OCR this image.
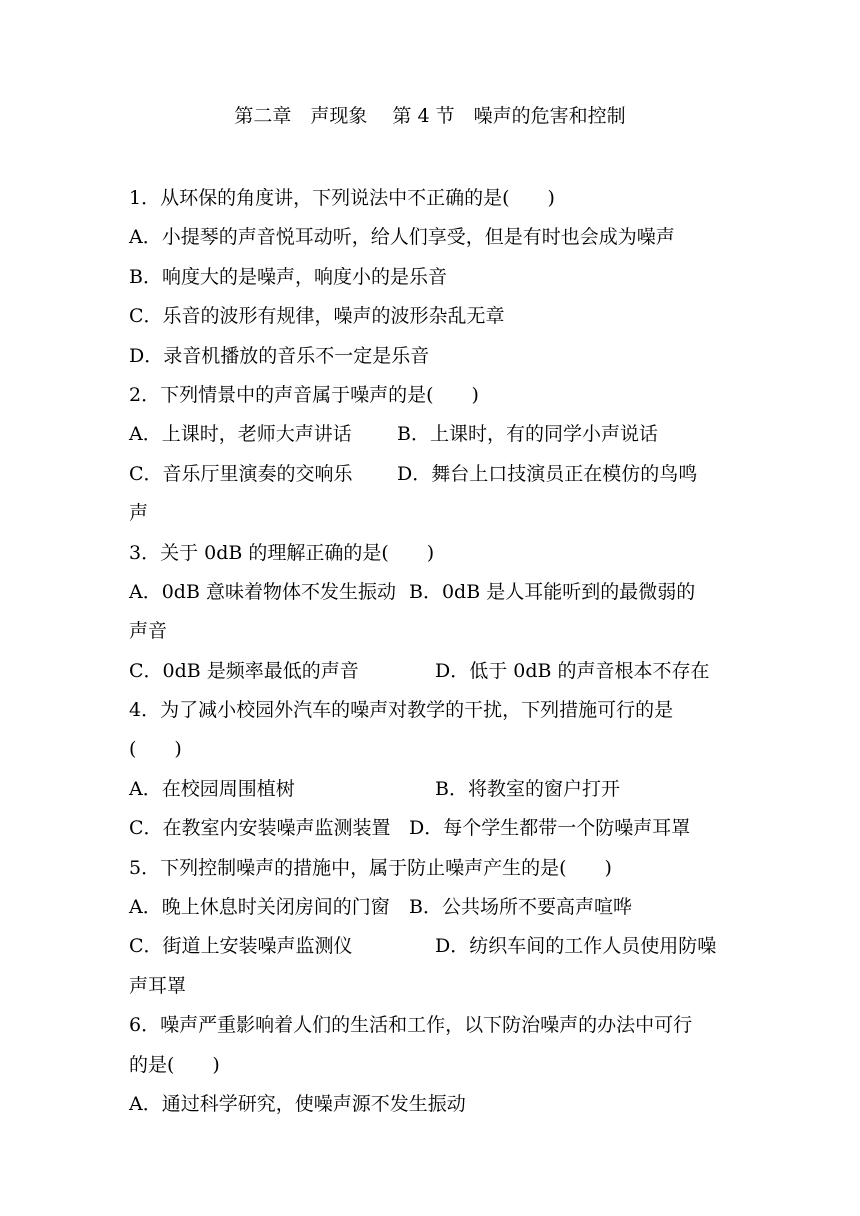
第二章　声现象　 第 4 节　噪声的危害和控制
1．从环保的角度讲，下列说法中不正确的是(　　)
A．小提琴的声音悦耳动听，给人们享受，但是有时也会成为噪声
B．响度大的是噪声，响度小的是乐音
C．乐音的波形有规律，噪声的波形杂乱无章
D．录音机播放的音乐不一定是乐音
2．下列情景中的声音属于噪声的是(　　)
A．上课时，老师大声讲话	B．上课时，有的同学小声说话
C．音乐厅里演奏的交响乐	D．舞台上口技演员正在模仿的鸟鸣
声
3．关于 0dB 的理解正确的是(　　)
A．0dB 意味着物体不发生振动 B．0dB 是人耳能听到的最微弱的
声音
C．0dB 是频率最低的声音	D．低于 0dB 的声音根本不存在
4．为了减小校园外汽车的噪声对教学的干扰，下列措施可行的是
(　　)
A．在校园周围植树	B．将教室的窗户打开
C．在教室内安装噪声监测装置 D．每个学生都带一个防噪声耳罩
5．下列控制噪声的措施中，属于防止噪声产生的是(　　)
A．晚上休息时关闭房间的门窗	B．公共场所不要高声喧哗
C．街道上安装噪声监测仪	D．纺织车间的工作人员使用防噪
声耳罩
6．噪声严重影响着人们的生活和工作，以下防治噪声的办法中可行
的是(　　)
A．通过科学研究，使噪声源不发生振动
